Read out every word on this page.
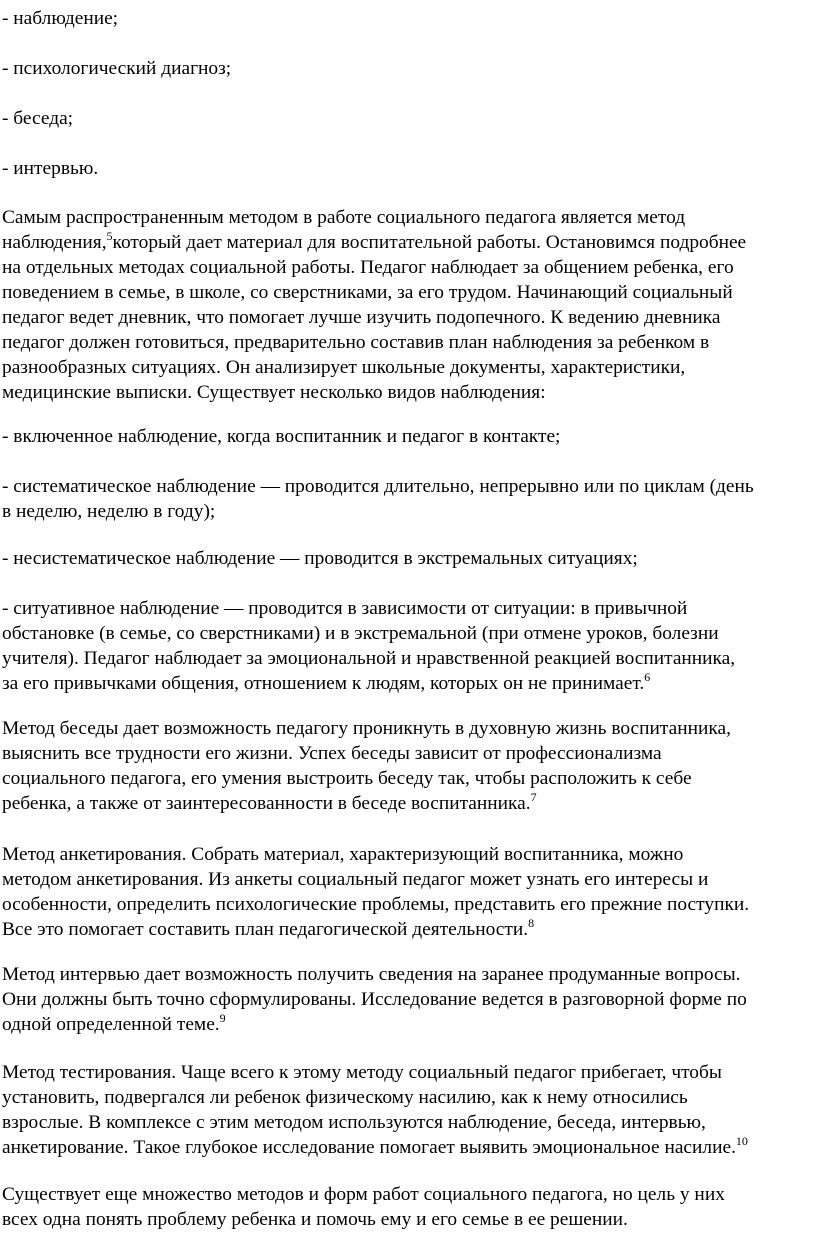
- наблюдение;

- психологический диагноз;

- беседа;

- интервью.

Самым распространенным методом в работе социального педагога является метод
наблюдения,$^5$который дает материал для воспитательной работы. Остановимся подробнее
на отдельных методах социальной работы. Педагог наблюдает за общением ребенка, его
поведением в семье, в школе, со сверстниками, за его трудом. Начинающий социальный
педагог ведет дневник, что помогает лучше изучить подопечного. К ведению дневника
педагог должен готовиться, предварительно составив план наблюдения за ребенком в
разнообразных ситуациях. Он анализирует школьные документы, характеристики,
медицинские выписки. Существует несколько видов наблюдения:

- включенное наблюдение, когда воспитанник и педагог в контакте;

- систематическое наблюдение — проводится длительно, непрерывно или по циклам (день
в неделю, неделю в году);

- несистематическое наблюдение — проводится в экстремальных ситуациях;

- ситуативное наблюдение — проводится в зависимости от ситуации: в привычной
обстановке (в семье, со сверстниками) и в экстремальной (при отмене уроков, болезни
учителя). Педагог наблюдает за эмоциональной и нравственной реакцией воспитанника,
за его привычками общения, отношением к людям, которых он не принимает.$^6$

Метод беседы дает возможность педагогу проникнуть в духовную жизнь воспитанника,
выяснить все трудности его жизни. Успех беседы зависит от профессионализма
социального педагога, его умения выстроить беседу так, чтобы расположить к себе
ребенка, а также от заинтересованности в беседе воспитанника.$^7$

Метод анкетирования. Собрать материал, характеризующий воспитанника, можно
методом анкетирования. Из анкеты социальный педагог может узнать его интересы и
особенности, определить психологические проблемы, представить его прежние поступки.
Все это помогает составить план педагогической деятельности.$^8$

Метод интервью дает возможность получить сведения на заранее продуманные вопросы.
Они должны быть точно сформулированы. Исследование ведется в разговорной форме по
одной определенной теме.$^9$

Метод тестирования. Чаще всего к этому методу социальный педагог прибегает, чтобы
установить, подвергался ли ребенок физическому насилию, как к нему относились
взрослые. В комплексе с этим методом используются наблюдение, беседа, интервью,
анкетирование. Такое глубокое исследование помогает выявить эмоциональное насилие.$^{10}$

Существует еще множество методов и форм работ социального педагога, но цель у них
всех одна понять проблему ребенка и помочь ему и его семье в ее решении.
